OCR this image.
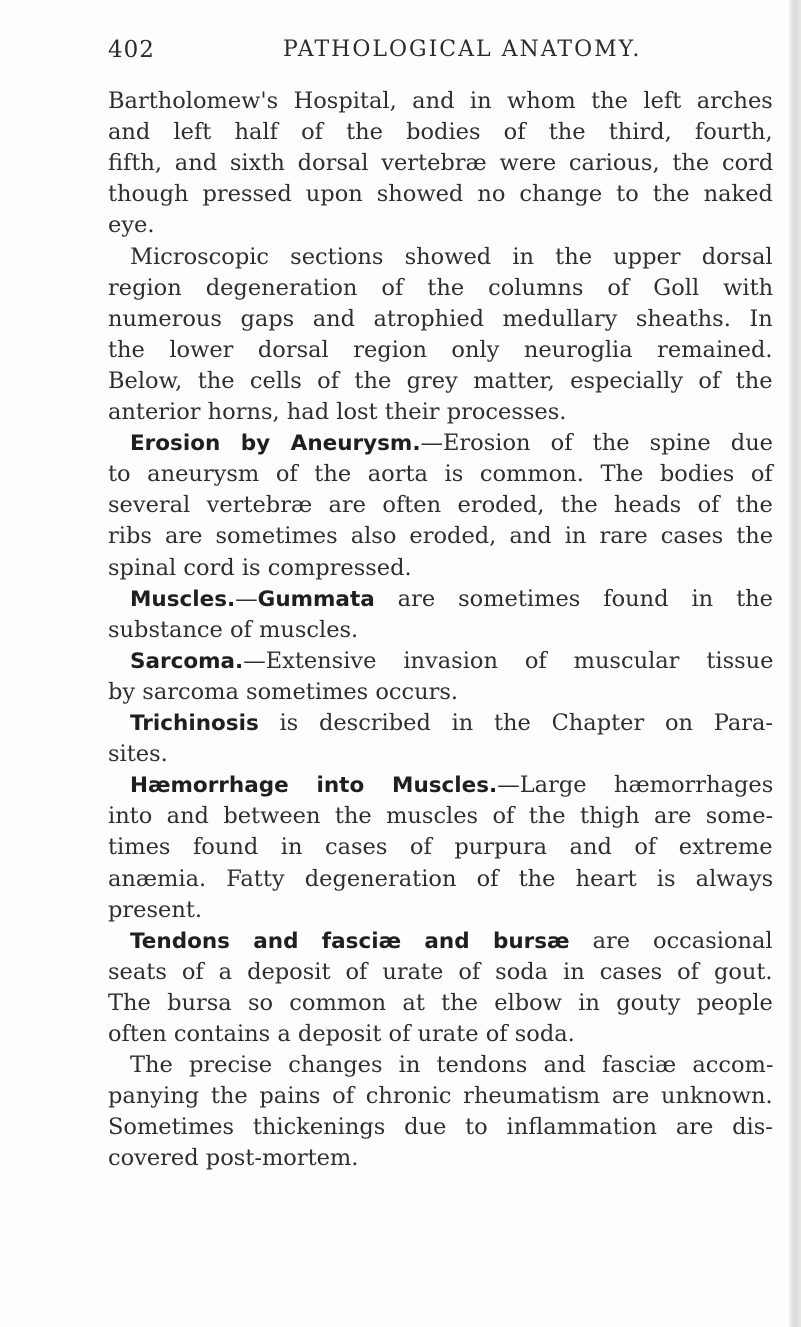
402	PATHOLOGICAL ANATOMY.
Bartholomew's Hospital, and in whom the left arches
and left half of the bodies of the third, fourth,
fifth, and sixth dorsal vertebræ were carious, the cord
though pressed upon showed no change to the naked
eye.
Microscopic sections showed in the upper dorsal
region degeneration of the columns of Goll with
numerous gaps and atrophied medullary sheaths. In
the lower dorsal region only neuroglia remained.
Below, the cells of the grey matter, especially of the
anterior horns, had lost their processes.
Erosion by Aneurysm.—Erosion of the spine due
to aneurysm of the aorta is common. The bodies of
several vertebræ are often eroded, the heads of the
ribs are sometimes also eroded, and in rare cases the
spinal cord is compressed.
Muscles.—Gummata are sometimes found in the
substance of muscles.
Sarcoma.—Extensive invasion of muscular tissue
by sarcoma sometimes occurs.
Trichinosis is described in the Chapter on Para-
sites.
Hæmorrhage into Muscles.—Large hæmorrhages
into and between the muscles of the thigh are some-
times found in cases of purpura and of extreme
anæmia. Fatty degeneration of the heart is always
present.
Tendons and fasciæ and bursæ are occasional
seats of a deposit of urate of soda in cases of gout.
The bursa so common at the elbow in gouty people
often contains a deposit of urate of soda.
The precise changes in tendons and fasciæ accom-
panying the pains of chronic rheumatism are unknown.
Sometimes thickenings due to inflammation are dis-
covered post-mortem.
